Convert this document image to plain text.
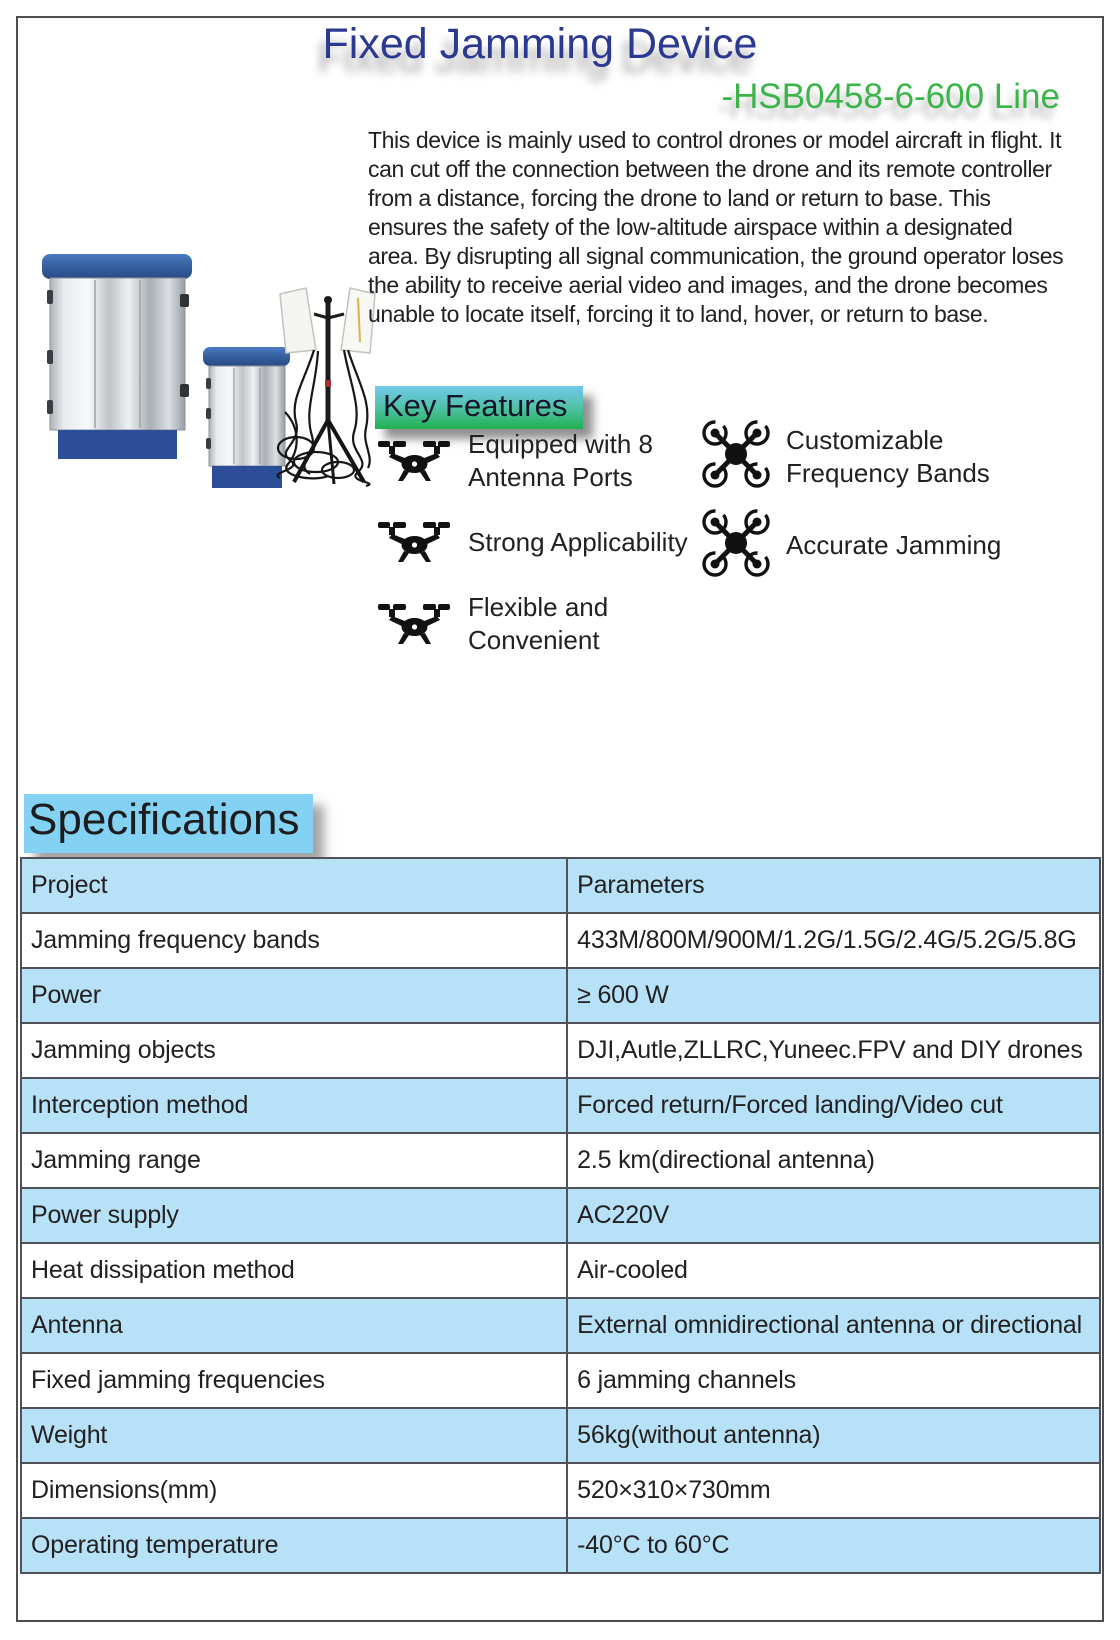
Fixed Jamming Device
-HSB0458-6-600 Line
This device is mainly used to control drones or model aircraft in flight. It can cut off the connection between the drone and its remote controller from a distance, forcing the drone to land or return to base. This ensures the safety of the low-altitude airspace within a designated area. By disrupting all signal communication, the ground operator loses the ability to receive aerial video and images, and the drone becomes unable to locate itself, forcing it to land, hover, or return to base.
Key Features
Equipped with 8 Antenna Ports
Strong Applicability
Flexible and Convenient
Customizable Frequency Bands
Accurate Jamming
Specifications
Project	Parameters
Jamming frequency bands	433M/800M/900M/1.2G/1.5G/2.4G/5.2G/5.8G
Power	≥ 600 W
Jamming objects	DJI,Autle,ZLLRC,Yuneec.FPV and DIY drones
Interception method	Forced return/Forced landing/Video cut
Jamming range	2.5 km(directional antenna)
Power supply	AC220V
Heat dissipation method	Air-cooled
Antenna	External omnidirectional antenna or directional
Fixed jamming frequencies	6 jamming channels
Weight	56kg(without antenna)
Dimensions(mm)	520×310×730mm
Operating temperature	-40°C to 60°C
